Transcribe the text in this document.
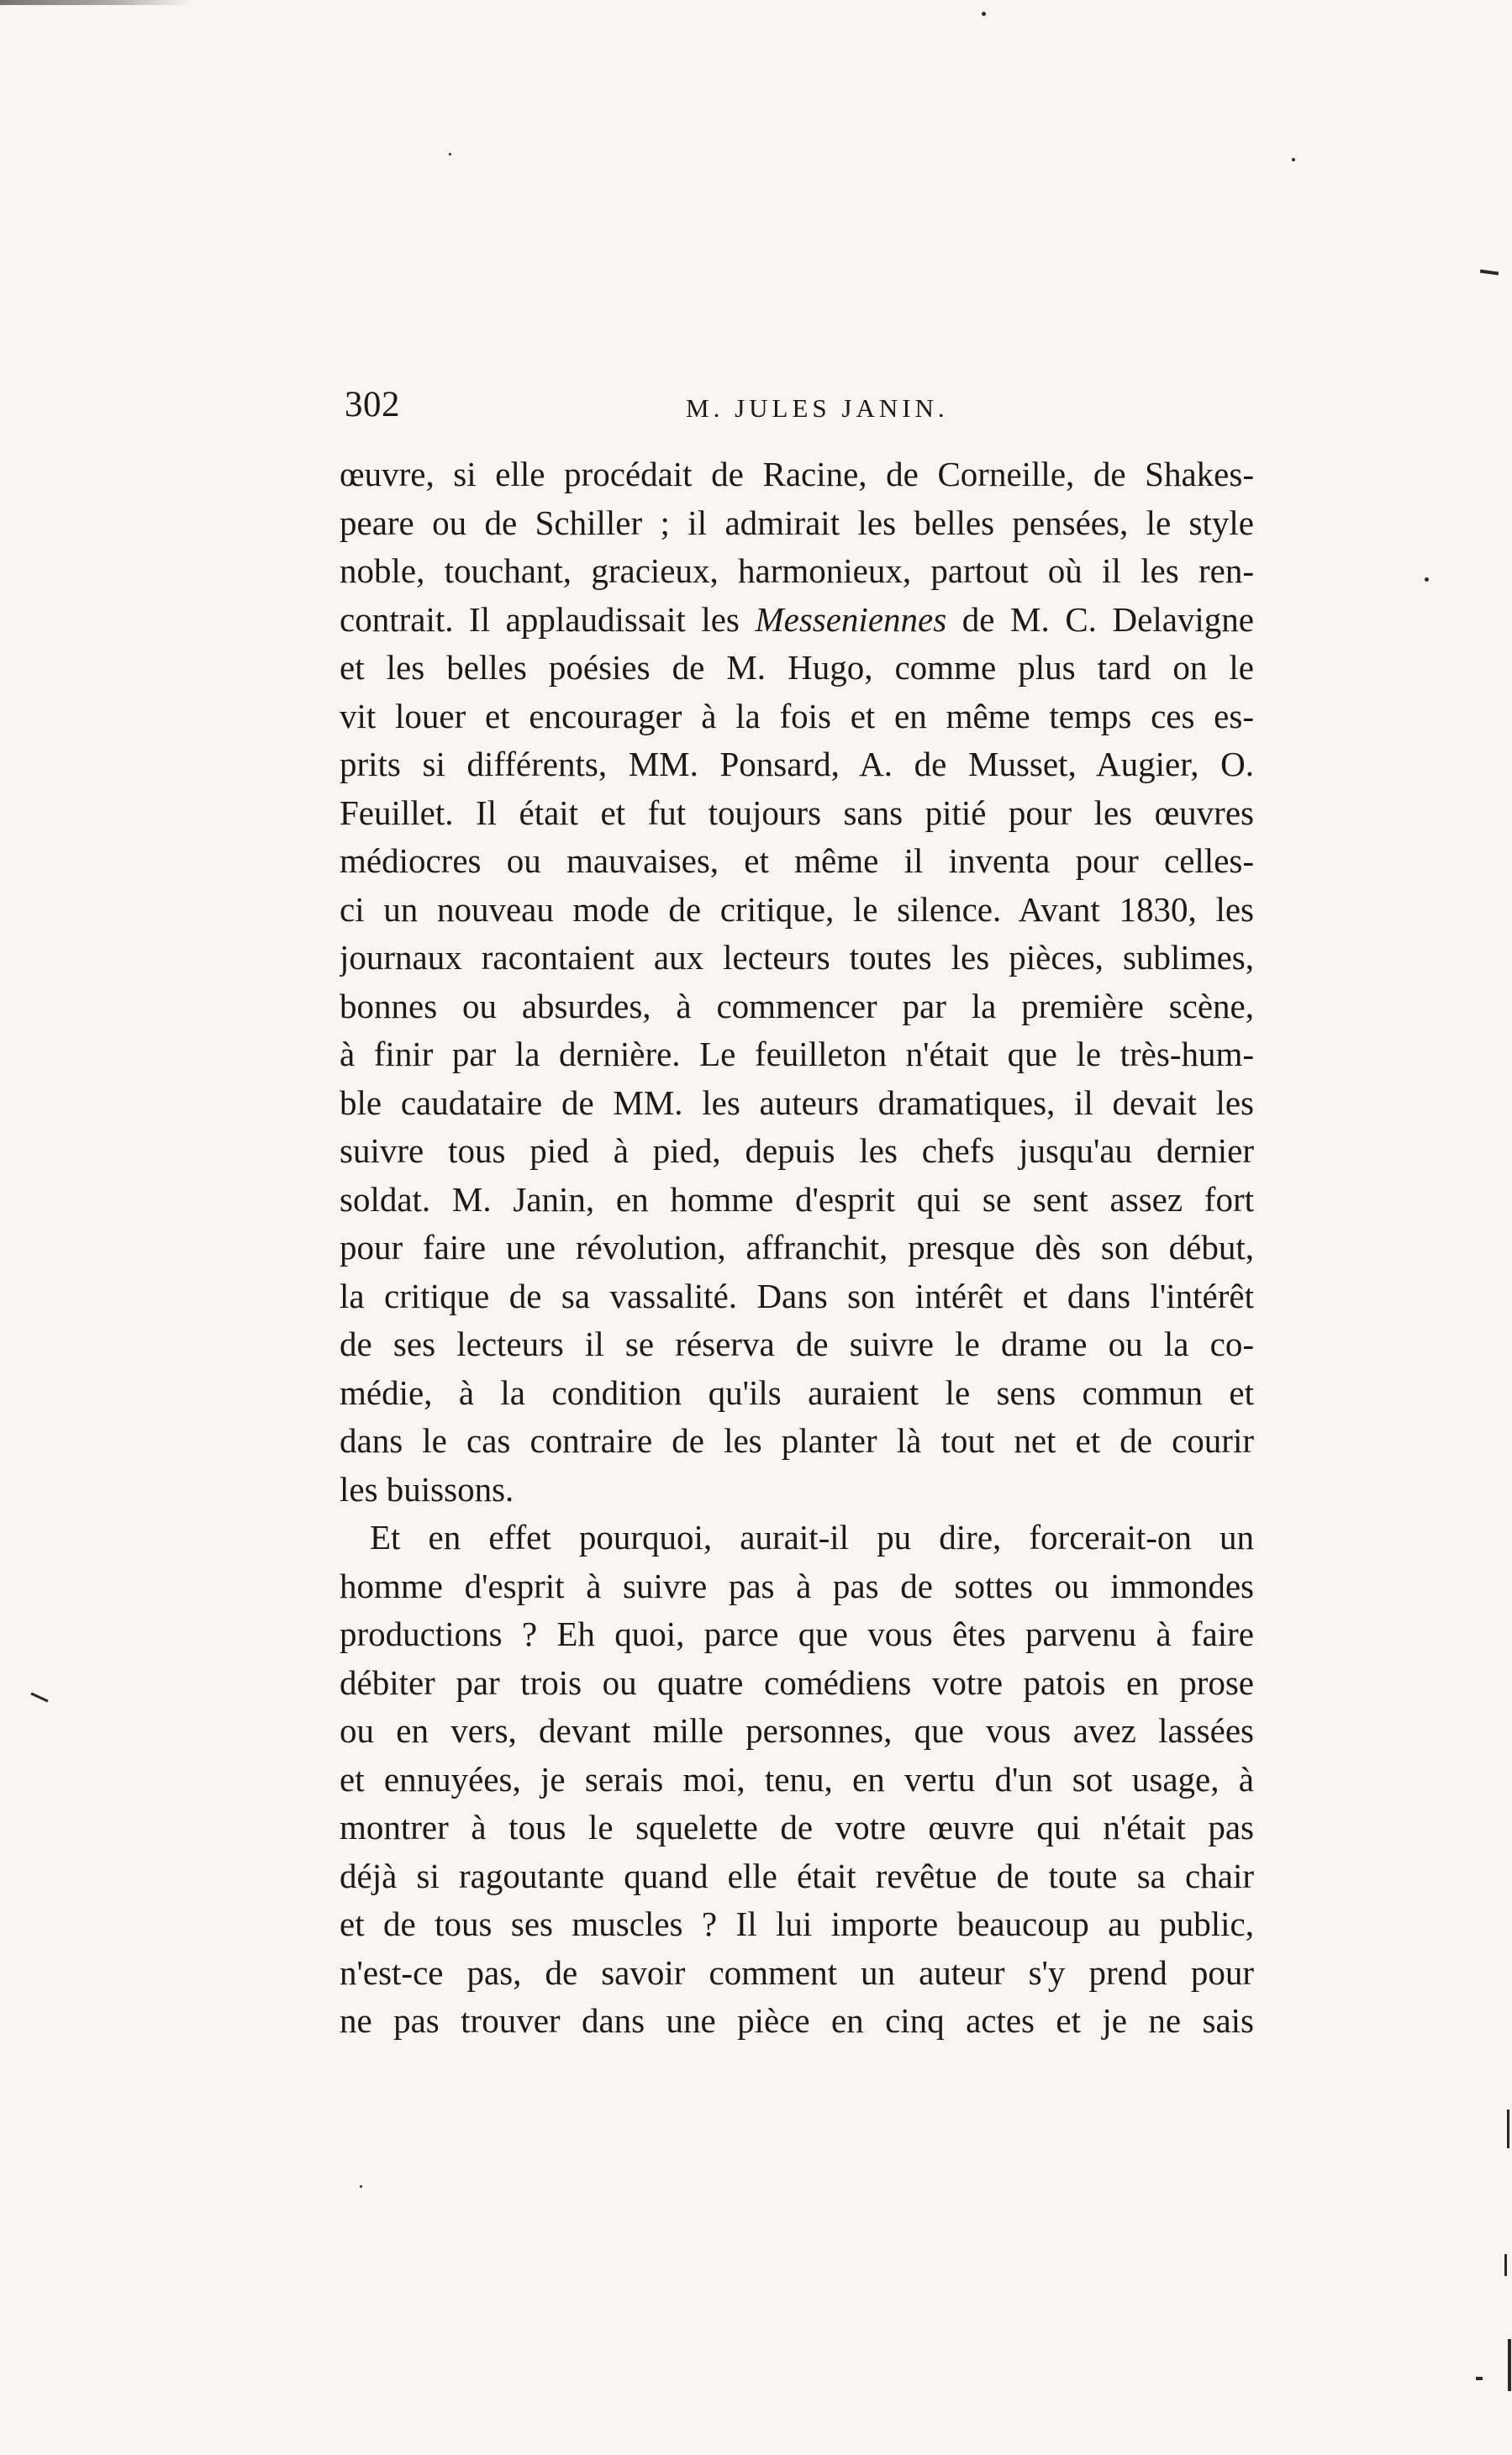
302	M. JULES JANIN.
œuvre, si elle procédait de Racine, de Corneille, de Shakes-
peare ou de Schiller ; il admirait les belles pensées, le style
noble, touchant, gracieux, harmonieux, partout où il les ren-
contrait. Il applaudissait les Messeniennes de M. C. Delavigne
et les belles poésies de M. Hugo, comme plus tard on le
vit louer et encourager à la fois et en même temps ces es-
prits si différents, MM. Ponsard, A. de Musset, Augier, O.
Feuillet. Il était et fut toujours sans pitié pour les œuvres
médiocres ou mauvaises, et même il inventa pour celles-
ci un nouveau mode de critique, le silence. Avant 1830, les
journaux racontaient aux lecteurs toutes les pièces, sublimes,
bonnes ou absurdes, à commencer par la première scène,
à finir par la dernière. Le feuilleton n'était que le très-hum-
ble caudataire de MM. les auteurs dramatiques, il devait les
suivre tous pied à pied, depuis les chefs jusqu'au dernier
soldat. M. Janin, en homme d'esprit qui se sent assez fort
pour faire une révolution, affranchit, presque dès son début,
la critique de sa vassalité. Dans son intérêt et dans l'intérêt
de ses lecteurs il se réserva de suivre le drame ou la co-
médie, à la condition qu'ils auraient le sens commun et
dans le cas contraire de les planter là tout net et de courir
les buissons.
Et en effet pourquoi, aurait-il pu dire, forcerait-on un
homme d'esprit à suivre pas à pas de sottes ou immondes
productions ? Eh quoi, parce que vous êtes parvenu à faire
débiter par trois ou quatre comédiens votre patois en prose
ou en vers, devant mille personnes, que vous avez lassées
et ennuyées, je serais moi, tenu, en vertu d'un sot usage, à
montrer à tous le squelette de votre œuvre qui n'était pas
déjà si ragoutante quand elle était revêtue de toute sa chair
et de tous ses muscles ? Il lui importe beaucoup au public,
n'est-ce pas, de savoir comment un auteur s'y prend pour
ne pas trouver dans une pièce en cinq actes et je ne sais
